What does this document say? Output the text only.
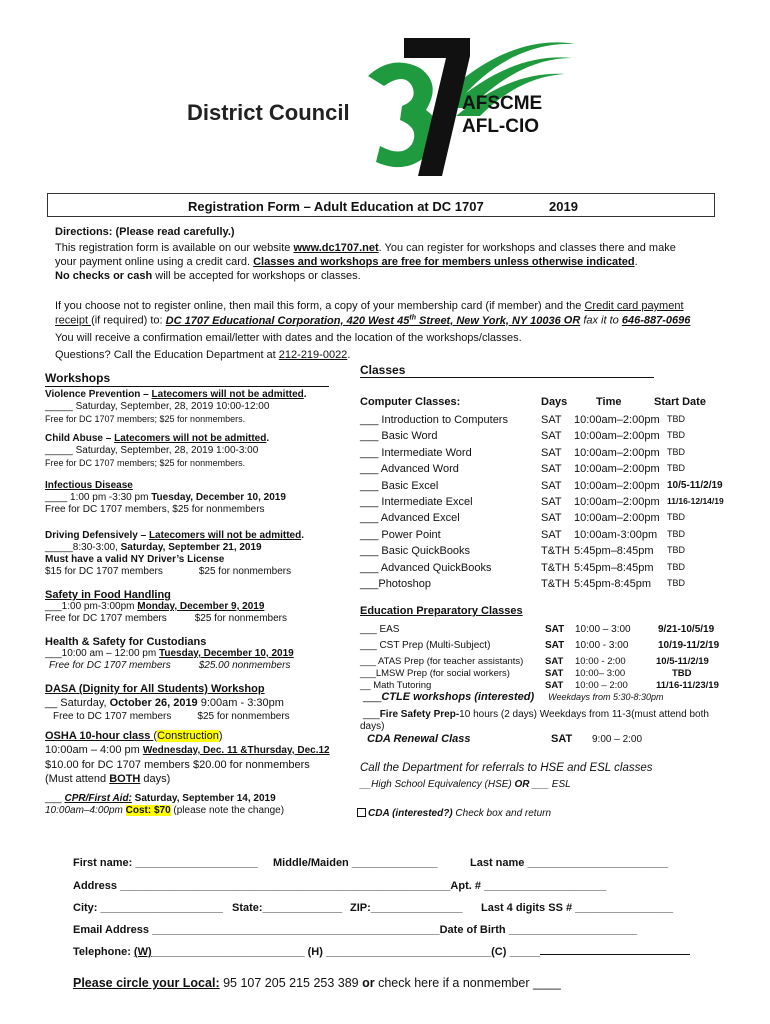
District Council	AFSCME
AFL-CIO
Registration Form – Adult Education at DC 1707	2019
Directions: (Please read carefully.)
This registration form is available on our website www.dc1707.net. You can register for workshops and classes there and make
your payment online using a credit card. Classes and workshops are free for members unless otherwise indicated.
No checks or cash will be accepted for workshops or classes.
If you choose not to register online, then mail this form, a copy of your membership card (if member) and the Credit card payment
receipt (if required) to: DC 1707 Educational Corporation, 420 West 45th Street, New York, NY 10036 OR fax it to 646-887-0696
You will receive a confirmation email/letter with dates and the location of the workshops/classes.
Questions? Call the Education Department at 212-219-0022.
Workshops
Violence Prevention – Latecomers will not be admitted.
_____ Saturday, September, 28, 2019 10:00-12:00
Free for DC 1707 members; $25 for nonmembers.
Child Abuse – Latecomers will not be admitted.
_____ Saturday, September, 28, 2019 1:00-3:00
Free for DC 1707 members; $25 for nonmembers.
Infectious Disease
____ 1:00 pm -3:30 pm Tuesday, December 10, 2019
Free for DC 1707 members, $25 for nonmembers
Driving Defensively – Latecomers will not be admitted.
_____8:30-3:00, Saturday, September 21, 2019
Must have a valid NY Driver’s License
$15 for DC 1707 members	$25 for nonmembers
Safety in Food Handling
___1:00 pm-3:00pm Monday, December 9, 2019
Free for DC 1707 members	$25 for nonmembers
Health & Safety for Custodians
___10:00 am – 12:00 pm Tuesday, December 10, 2019
Free for DC 1707 members	$25.00 nonmembers
DASA (Dignity for All Students) Workshop
__ Saturday, October 26, 2019 9:00am - 3:30pm
Free to DC 1707 members	$25 for nonmembers
OSHA 10-hour class (Construction)
10:00am – 4:00 pm Wednesday, Dec. 11 &Thursday, Dec.12
$10.00 for DC 1707 members $20.00 for nonmembers
(Must attend BOTH days)
___ CPR/First Aid: Saturday, September 14, 2019
10:00am–4:00pm Cost: $70 (please note the change)
Classes
Computer Classes:	Days	Time	Start Date
___ Introduction to Computers	SAT 10:00am–2:00pm TBD
___ Basic Word	SAT 10:00am–2:00pm TBD
___ Intermediate Word	SAT 10:00am–2:00pm TBD
___ Advanced Word	SAT 10:00am–2:00pm TBD
___ Basic Excel	SAT 10:00am–2:00pm 10/5-11/2/19
___ Intermediate Excel	SAT 10:00am–2:00pm 11/16-12/14/19
___ Advanced Excel	SAT 10:00am–2:00pm TBD
___ Power Point	SAT 10:00am-3:00pm TBD
___ Basic QuickBooks	T&TH 5:45pm–8:45pm TBD
___ Advanced QuickBooks	T&TH 5:45pm–8:45pm TBD
___Photoshop	T&TH 5:45pm-8:45pm TBD
Education Preparatory Classes
___ EAS	SAT 10:00 – 3:00	9/21-10/5/19
___ CST Prep (Multi-Subject)	SAT 10:00 - 3:00	10/19-11/2/19
___ ATAS Prep (for teacher assistants) SAT 10:00 - 2:00	10/5-11/2/19
___LMSW Prep (for social workers)	SAT 10:00– 3:00	TBD
__ Math Tutoring	SAT 10:00 – 2:00	11/16-11/23/19
___CTLE workshops (interested) Weekdays from 5:30-8:30pm
___Fire Safety Prep-10 hours (2 days) Weekdays from 11-3(must attend both
days)
CDA Renewal Class	SAT 9:00 – 2:00
Call the Department for referrals to HSE and ESL classes
__High School Equivalency (HSE) OR ___ ESL
CDA (interested?) Check box and return
First name: ____________________ Middle/Maiden ______________	Last name _______________________
Address ______________________________________________________Apt. # ____________________
City: ____________________ State:_____________ ZIP:_______________ Last 4 digits SS # ________________
Email Address _______________________________________________Date of Birth _____________________
Telephone: (W)_________________________ (H) ___________________________(C) _____
Please circle your Local: 95 107 205 215 253 389 or check here if a nonmember ____
